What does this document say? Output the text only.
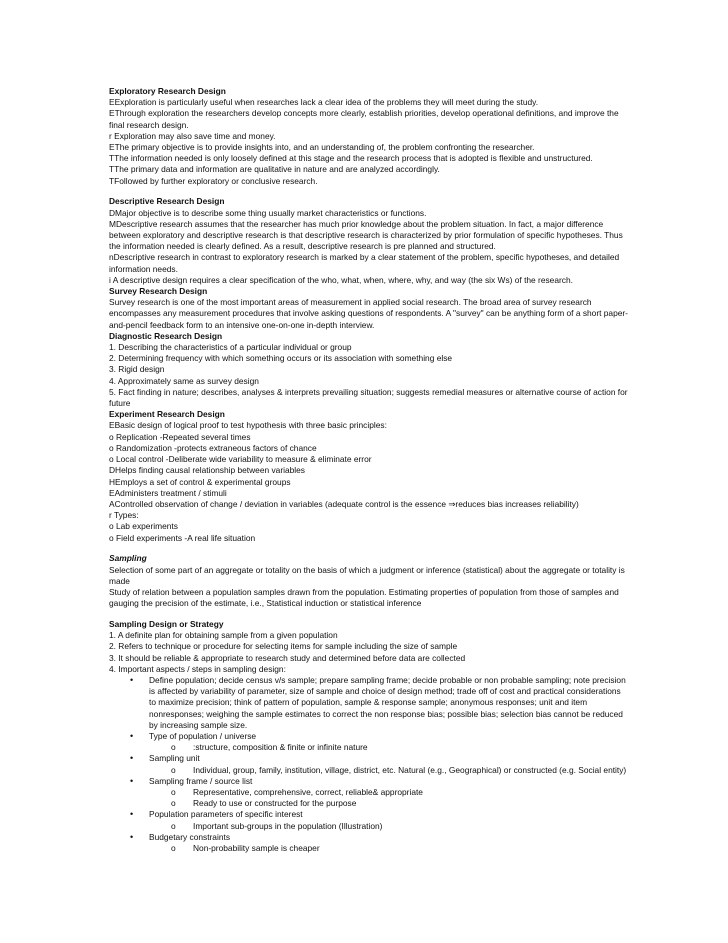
Exploratory Research Design

EExploration is particularly useful when researches lack a clear idea of the problems they will meet during the study.

EThrough exploration the researchers develop concepts more clearly, establish priorities, develop operational definitions, and improve the final research design.

r Exploration may also save time and money.

EThe primary objective is to provide insights into, and an understanding of, the problem confronting the researcher.

TThe information needed is only loosely defined at this stage and the research process that is adopted is flexible and unstructured.

TThe primary data and information are qualitative in nature and are analyzed accordingly.

TFollowed by further exploratory or conclusive research.

Descriptive Research Design

DMajor objective is to describe some thing usually market characteristics or functions.

MDescriptive research assumes that the researcher has much prior knowledge about the problem situation. In fact, a major difference between exploratory and descriptive research is that descriptive research is characterized by prior formulation of specific hypotheses. Thus the information needed is clearly defined. As a result, descriptive research is pre planned and structured.

nDescriptive research in contrast to exploratory research is marked by a clear statement of the problem, specific hypotheses, and detailed information needs.

i A descriptive design requires a clear specification of the who, what, when, where, why, and way (the six Ws) of the research.

Survey Research Design

Survey research is one of the most important areas of measurement in applied social research. The broad area of survey research encompasses any measurement procedures that involve asking questions of respondents. A "survey" can be anything form of a short paper-and-pencil feedback form to an intensive one-on-one in-depth interview.

Diagnostic Research Design

1. Describing the characteristics of a particular individual or group

2. Determining frequency with which something occurs or its association with something else

3. Rigid design

4. Approximately same as survey design

5. Fact finding in nature; describes, analyses & interprets prevailing situation; suggests remedial measures or alternative course of action for future

Experiment Research Design

EBasic design of logical proof to test hypothesis with three basic principles:

o Replication -Repeated several times

o Randomization -protects extraneous factors of chance

o Local control -Deliberate wide variability to measure & eliminate error

DHelps finding causal relationship between variables

HEmploys a set of control & experimental groups

EAdministers treatment / stimuli

AControlled observation of change / deviation in variables (adequate control is the essence ⇒reduces bias increases reliability)

r Types:

o Lab experiments

o Field experiments -A real life situation

Sampling

Selection of some part of an aggregate or totality on the basis of which a judgment or inference (statistical) about the aggregate or totality is made

Study of relation between a population samples drawn from the population. Estimating properties of population from those of samples and gauging the precision of the estimate, i.e., Statistical induction or statistical inference

Sampling Design or Strategy

1. A definite plan for obtaining sample from a given population

2. Refers to technique or procedure for selecting items for sample including the size of sample

3. It should be reliable & appropriate to research study and determined before data are collected

4. Important aspects / steps in sampling design:

• Define population; decide census v/s sample; prepare sampling frame; decide probable or non probable sampling; note precision is affected by variability of parameter, size of sample and choice of design method; trade off of cost and practical considerations to maximize precision; think of pattern of population, sample & response sample; anonymous responses; unit and item nonresponses; weighing the sample estimates to correct the non response bias; possible bias; selection bias cannot be reduced by increasing sample size.
• Type of population / universe
o :structure, composition & finite or infinite nature
• Sampling unit
o Individual, group, family, institution, village, district, etc. Natural (e.g., Geographical) or constructed (e.g. Social entity)
• Sampling frame / source list
o Representative, comprehensive, correct, reliable& appropriate
o Ready to use or constructed for the purpose
• Population parameters of specific interest
o Important sub-groups in the population (Illustration)
• Budgetary constraints
o Non-probability sample is cheaper
